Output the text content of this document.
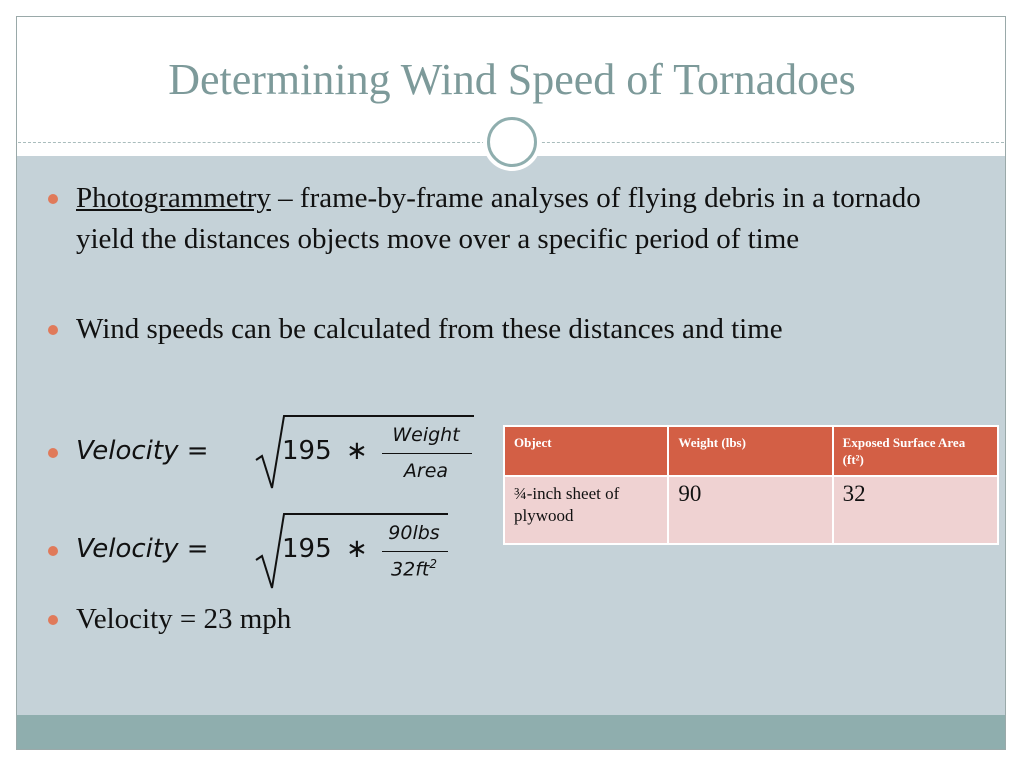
Determining Wind Speed of Tornadoes
Photogrammetry – frame-by-frame analyses of flying debris in a tornado yield the distances objects move over a specific period of time
Wind speeds can be calculated from these distances and time
Velocity =	195 ∗
Weight
Area
Velocity =	195 ∗
90lbs
$32ft^2$
Velocity = 23 mph
Object	Weight (lbs)	Exposed Surface Area (ft²)
¾-inch sheet of plywood	90	32
